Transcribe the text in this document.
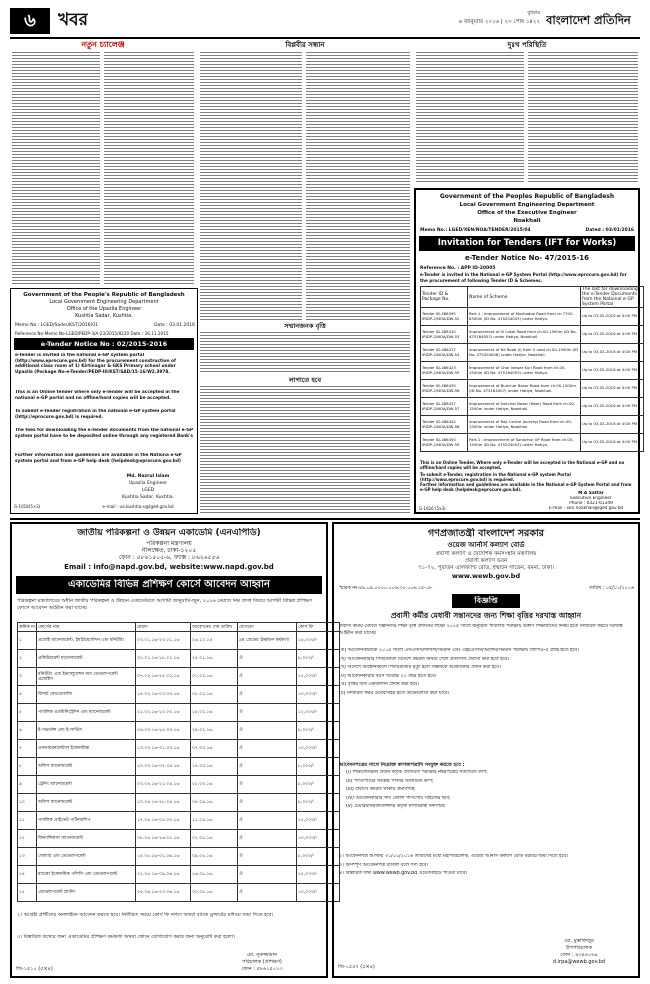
৬	খবর	বুধবার
৬ জানুয়ারি ২০১৬ | ২৩ পৌষ ১৪২২ বাংলাদেশ প্রতিদিন
নতুন চ্যালেঞ্জ	বিপ্লবীর সন্ধান
সম্মানজনক বৃত্তি
লাগাতে হবে
দুঃখ পরিস্থিতি
Government of the People's Republic of Bangladesh
Local Government Engineering Department
Office of the Upazila Engineer
Kushtia Sadar, Kushtia.
Memo No : LGED/Sader/KST/2016/01	Date : 03.01.2016
Reference No-Memo No-LGED/PEDP-3/A-23/2015/8220 Date : 26.11.2015
e-Tender Notice No : 02/2015-2016
e-Tender is invited in the national e-GP system portal (http://www.eprocure.gov.bd) for the procurement construction of additional class room of 1) Kirtinagar & GKS Primary school under Upazila (Package No-e-Tender/PEDP-III/KST/SAD/15-16/W2.3978.
This is an Online tender where only e-Tender will be accepted in the national e-GP portal and no offline/hard copies will be accepted.
To submit e-Tender registration in the national e-GP system portal (http://eprocure.gov.bd) is required.
The fees for downloading the e-Tender documents from the national e-GP system portal have to be deposited online through any registered Bank's
Further information and guidelines are available in the Nationa e-GP system portal and from e-GP help desk (helpdesk@eprocure.gov.bd)
Md. Nazrul Islam
Upazila Engineer
LGED
Kushtia Sadar, Kushtia.
G-1018(5×3)	e-mail : ue.kushtia-s@lged.gov.bd
Government of the Peoples Republic of Bangladesh
Local Government Engineering Department
Office of the Executive Engineer
Noakhali
Memo No.: LGED/XEN/NOA/TENDER/2015/04	Dated : 03/01/2016
Invitation for Tenders (IFT for Works)
e-Tender Notice No- 47/2015-16
Reference No. : APP ID-20005
e-Tender is invited in the National e-GP System Portal (http://www.eprocure.gov.bd) for the procurement of following Tender ID & Schemes.
Tender ID & Package No.	Name of Scheme	The last for downloading the e-Tender Documents from the National e-GP System Portal
Tender ID-486395 IRIDP-2/NOA/DW-52	Part-1 : Improvement of Moshoddo Road from ch.7700-8300m (ID No. 475204003) under Hatiya.	Up to 03-02-2016 at 4:00 PM
Tender ID-486410 IRIDP-2/NOA/DW-53	Improvement of Vi Lokal Road from ch.00-1500m (ID No. 475764007) under Hatiya, Noakhali.	Up to 03-02-2016 at 4:00 PM
Tender ID-486417 IRIDP-2/NOA/DW-54	Improvement of Nil Road (I) from 0 road ch.00-1500m (ID No. 475204008) under Hatiya, Noakhali.	Up to 03-02-2016 at 4:00 PM
Tender ID-486423 IRIDP-2/NOA/DW-55	Improvement of Char Ishwar Kuri Road from ch.00-1500m (ID No. 475164003) under Hatiya.	Up to 03-02-2016 at 4:00 PM
Tender ID-486430 IRIDP-2/NOA/DW-56	Improvement of Burichar Bazar Road from ch.00-1500m (ID No. 475164007) under Hatiya, Noakhali.	Up to 03-02-2016 at 4:00 PM
Tender ID-486437 IRIDP-2/NOA/DW-57	Improvement of Sukchar Bazar (Near) Road from ch.00-1500m under Hatiya, Noakhali.	Up to 03-02-2016 at 4:00 PM
Tender ID-486442 IRIDP-2/NOA/DW-58	Improvement of Raji Centre Jaunreyi Road from ch.00-1500m under Hatiya, Noakhali.	Up to 03-02-2016 at 4:00 PM
Tender ID-486450 IRIDP-2/NOA/DW-59	Part-1 : Improvement of Sonachar UP Road from ch.00-1500m (ID No. 475204003) under Hatiya.	Up to 03-02-2016 at 4:00 PM
This is an Online Tender, Where only e-Tender will be accepted in the National e-GP and no offline/hard copies will be accepted.
To submit e-Tender, registration in the National e-GP system Portal (http://www.eprocure.gov.bd) is required.
Further information and guidelines are available in the National e-GP System Portal and from e-GP help desk (helpdesk@eprocure.gov.bd).
M A Sattar
Executive Engineer
Phone : 0321-61349
E-mail : xen.noakhali@lged.gov.bd
G-1616 (5x3)
জাতীয় পরিকল্পনা ও উন্নয়ন একাডেমি (এনএপিডি)
পরিকল্পনা মন্ত্রণালয়
নীলক্ষেত, ঢাকা-১২০৫
ফোন : ৫৮৬১৫০৫-৬, ফ্যাক্স : ৮৬২৬৫৫৬
Email : info@napd.gov.bd, website:www.napd.gov.bd
একাডেমির বিভিন্ন প্রশিক্ষণ কোর্সে আবেদন আহ্বান
পরিকল্পনা মন্ত্রণালয়ের অধীন জাতীয় পরিকল্পনা ও উন্নয়ন একাডেমিতে আগামী জানুয়ারি-জুন, ২০১৬ মেয়াদে নিম্ন প্রদত্ত বিষয়ে আগামী বিভিন্ন প্রশিক্ষণ কোর্সে আবেদন আহ্বান করা যাচ্ছে।
ক্রমিক নং	কোর্সের নাম	মেয়াদ	আবেদনের শেষ তারিখ	যোগ্যতা	কোর্স ফি
১	প্রজেক্ট ম্যানেজমেন্ট, ইমপ্লিমেন্টেশন এন্ড মনিটরিং	০৩.০১.১৬-২৩.০১.১৬	২৬.১২.১৫	৯ম গ্রেডের ঊর্ধ্বতন কর্মকর্তা	১৫,০০০/-
২	প্রকিউরমেন্ট ম্যানেজমেন্ট	৩১.০১.১৬-১৮.০২.১৬	২৫.০১.১৬	ঐ	৮,০০০/-
৩	মনিটরিং এন্ড ইভ্যালুয়েশন অব ডেভেলপমেন্ট প্রজেক্টস	০৭.০২.১৬-২৫.০২.১৬	০১.০২.১৬	ঐ	১২,০০০/-
৪	রিসার্চ মেথডোলজি	১৪.০২.১৬-০৩.০৩.১৬	০৮.০২.১৬	ঐ	১০,০০০/-
৫	পাবলিক এডমিনিস্ট্রেশন এন্ড ম্যানেজমেন্ট	২১.০২.১৬-১০.০৩.১৬	১৫.০২.১৬	ঐ	১২,০০০/-
৬	ই-গভর্নেন্স এন্ড ই-সার্ভিস	০৬.০৩.১৬-২৪.০৩.১৬	২৯.০২.১৬	ঐ	৮,০০০/-
৭	এনভায়রনমেন্টাল ইকোনমিক্স	১৩.০৩.১৬-৩১.০৩.১৬	০৭.০৩.১৬	ঐ	১০,০০০/-
৮	অফিস ম্যানেজমেন্ট	২০.০৩.১৬-০৭.০৪.১৬	১৪.০৩.১৬	ঐ	৮,০০০/-
৯	ট্রেনিং ম্যানেজমেন্ট	০৩.০৪.১৬-২১.০৪.১৬	২৮.০৩.১৬	ঐ	৮,০০০/-
১০	অফিস ম্যানেজমেন্ট	১০.০৪.১৬-২৮.০৪.১৬	০৪.০৪.১৬	ঐ	৮,০০০/-
১১	পাবলিক প্রাইভেট পার্টনারশিপ	১৭.০৪.১৬-০৫.০৫.১৬	১১.০৪.১৬	ঐ	১২,০০০/-
১২	ফিন্যান্সিয়াল ম্যানেজমেন্ট	০৮.০৫.১৬-২৬.০৫.১৬	০২.০৫.১৬	ঐ	১০,০০০/-
১৩	জেন্ডার এন্ড ডেভেলপমেন্ট	১৫.০৫.১৬-০২.০৬.১৬	০৯.০৫.১৬	ঐ	৮,০০০/-
১৪	ম্যাক্রো ইকোনমিক পলিসি এন্ড ডেভেলপমেন্ট	২২.০৫.১৬-০৯.০৬.১৬	১৬.০৫.১৬	ঐ	১২,০০০/-
১৫	ডেভেলপমেন্ট প্ল্যানিং	০৫.০৬.১৬-২৩.০৬.১৬	৩০.০৫.১৬	ঐ	১০,০০০/-
২। আগ্রহী প্রার্থীদের অনলাইনে আবেদন করতে হবে। নির্ধারিত সময়ে কোর্স ফি নগদে অথবা ব্যাংক ড্রাফটের মাধ্যমে জমা দিতে হবে।
৩। বিস্তারিত তথ্যের জন্য একাডেমির প্রশিক্ষণ কর্মকর্তা অথবা ফোনে যোগাযোগ করার জন্য অনুরোধ করা হলো।
মো. নূরুজ্জামান
পরিচালক (প্রশিক্ষণ)
ফোন : ৫৮৬১৫০১৩
জি-১৫১০ (৫×৪)
গণপ্রজাতন্ত্রী বাংলাদেশ সরকার
ওয়েজ আর্নার্স কল্যাণ বোর্ড
প্রবাসী কল্যাণ ও বৈদেশিক কর্মসংস্থান মন্ত্রণালয়
প্রবাসী কল্যাণ ভবন
৭১-৭২, পুরাতন এলিফ্যান্ট রোড, ইস্কাটন গার্ডেন, রমনা, ঢাকা।
www.wewb.gov.bd
স্মারক নং-৪৯.০৪.০০০০.০০৬.৩০.০০৬.১৫-০৮	তারিখ : ০৫/০১/২০১৬
বিজ্ঞপ্তি
প্রবাসী কর্মীর মেধাবী সন্তানদের জন্য শিক্ষা বৃত্তির দরখাস্ত আহ্বান
প্রবাসী কর্মীর মেধাবী সন্তানদের শিক্ষা বৃত্তি প্রদানের লক্ষ্যে ২০১৫ সালে অনুষ্ঠিত পাবলিক পরীক্ষায় উত্তীর্ণ শিক্ষার্থীদের নিকট হতে নির্ধারিত ফরমে দরখাস্ত আহ্বান করা যাচ্ছে।
(ক) আবেদনকারীকে ২০১৫ সালে এসএসসি/দাখিল/সমমান এবং এইচএসসি/আলিম/সমমান পরীক্ষায় জিপিএ-৫ প্রাপ্ত হতে হবে।
(খ) আবেদনকারীর পিতা/মাতা বিদেশে কর্মরত অথবা দেশে প্রত্যাগত প্রবাসী কর্মী হতে হবে।
(গ) বিদেশে অবস্থানকালে পিতা/মাতার মৃত্যু হলে সন্তানকে অগ্রাধিকার প্রদান করা হবে।
(ঘ) আবেদনকারীর বয়স সর্বোচ্চ ২২ বছর হতে হবে।
(ঙ) বৃত্তির অর্থ এককালীন প্রদান করা হবে।
(চ) নির্ধারিত ফরম ওয়েবসাইট হতে ডাউনলোড করা যাবে।
আবেদনপত্রের সাথে নিম্নোক্ত কাগজপত্রাদি সংযুক্ত করতে হবে :
(i) শিক্ষাপ্রতিষ্ঠান প্রধান কর্তৃক প্রত্যয়িত পরীক্ষার নম্বরপত্রের সত্যায়িত কপি;
(ii) পাসপোর্টের সংশ্লিষ্ট পাতার সত্যায়িত কপি;
(iii) প্রবাসে কর্মরত থাকার প্রমাণপত্র;
(iv) আবেদনকারীর সদ্য তোলা পাসপোর্ট সাইজের ছবি;
(v) চেয়ারম্যান/কাউন্সিলর কর্তৃক নাগরিকত্ব সনদপত্র।
২। আবেদনপত্র আগামী ৩১/০১/২০১৬ তারিখের মধ্যে মহাপরিচালক, ওয়েজ আর্নার্স কল্যাণ বোর্ড বরাবর জমা দিতে হবে।
৩। অসম্পূর্ণ আবেদনপত্র বাতিল বলে গণ্য হবে।
৪। বিস্তারিত তথ্য www.wewb.gov.bd ওয়েবসাইটে পাওয়া যাবে।
মো. মুস্তাফিজুর
উপপরিচালক
ফোন : ৯৩৪৪০৬৯
d.irpa@wewb.gov.bd
জি-১৫৫৭ (৫×৪)
